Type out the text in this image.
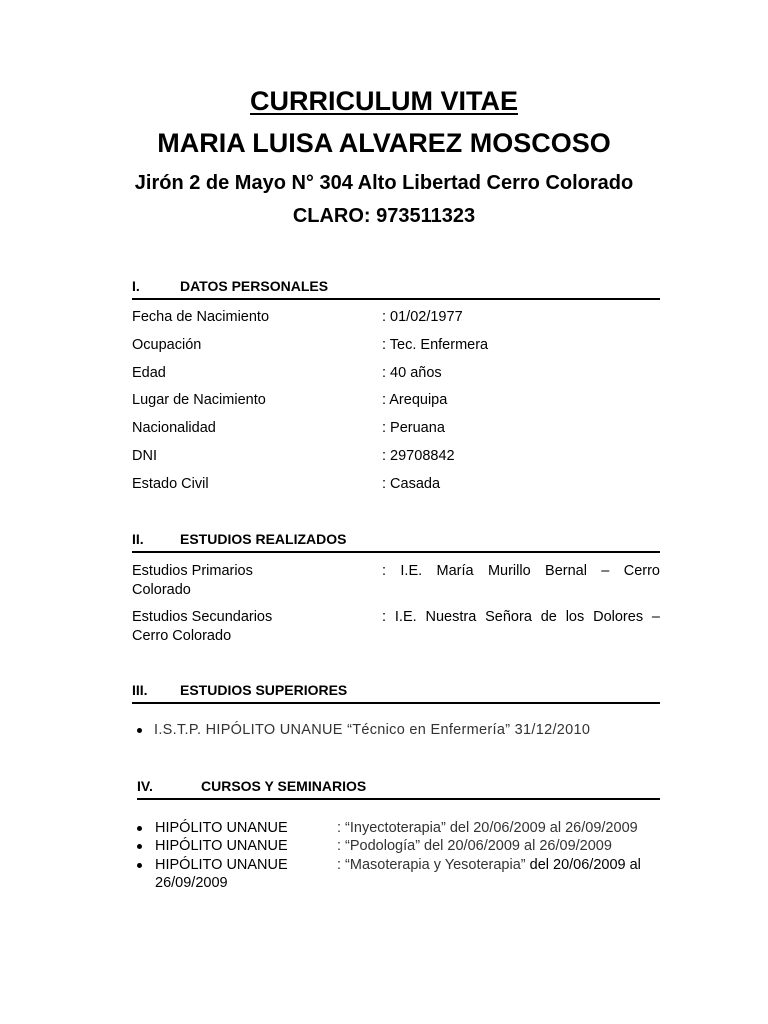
CURRICULUM VITAE
MARIA LUISA ALVAREZ MOSCOSO
Jirón 2 de Mayo N° 304 Alto Libertad Cerro Colorado
CLARO: 973511323
I.	DATOS PERSONALES
Fecha de Nacimiento	: 01/02/1977
Ocupación	: Tec. Enfermera
Edad	: 40 años
Lugar de Nacimiento	: Arequipa
Nacionalidad	: Peruana
DNI	: 29708842
Estado Civil	: Casada
II.	ESTUDIOS REALIZADOS
Estudios Primarios	: I.E. María Murillo Bernal – Cerro
Colorado
Estudios Secundarios	: I.E. Nuestra Señora de los Dolores –
Cerro Colorado
III. ESTUDIOS SUPERIORES
I.S.T.P. HIPÓLITO UNANUE “Técnico en Enfermería” 31/12/2010
IV.	CURSOS Y SEMINARIOS
HIPÓLITO UNANUE	: “Inyectoterapia” del 20/06/2009 al 26/09/2009
HIPÓLITO UNANUE	: “Podología” del 20/06/2009 al 26/09/2009
HIPÓLITO UNANUE	: “Masoterapia y Yesoterapia” del 20/06/2009 al
26/09/2009
